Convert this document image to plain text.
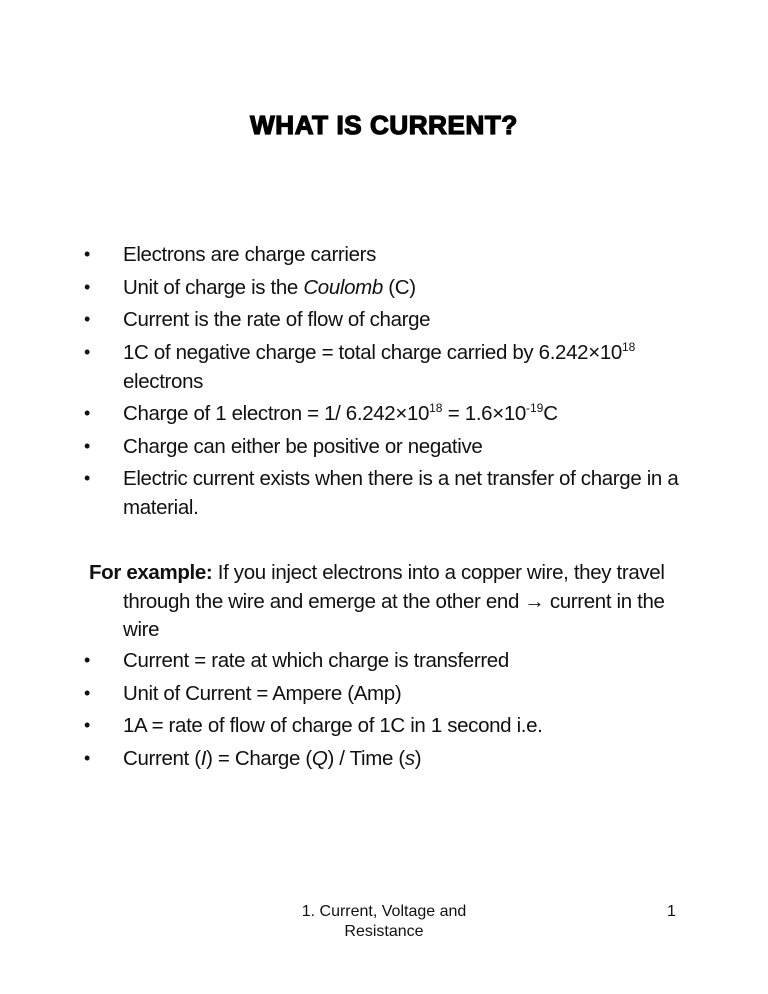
WHAT IS CURRENT?
• Electrons are charge carriers
• Unit of charge is the Coulomb (C)
• Current is the rate of flow of charge
• 1C of negative charge = total charge carried by $6.242\times 10^{18}$ electrons
• Charge of 1 electron = 1/ $6.242\times 10^{18} = 1.6\times 10^{-19}C$
• Charge can either be positive or negative
• Electric current exists when there is a net transfer of charge in a material.

For example: If you inject electrons into a copper wire, they travel through the wire and emerge at the other end → current in the wire

• Current = rate at which charge is transferred
• Unit of Current = Ampere (Amp)
• 1A = rate of flow of charge of 1C in 1 second i.e.
• Current (I) = Charge (Q) / Time (s)
1. Current, Voltage and Resistance
1
